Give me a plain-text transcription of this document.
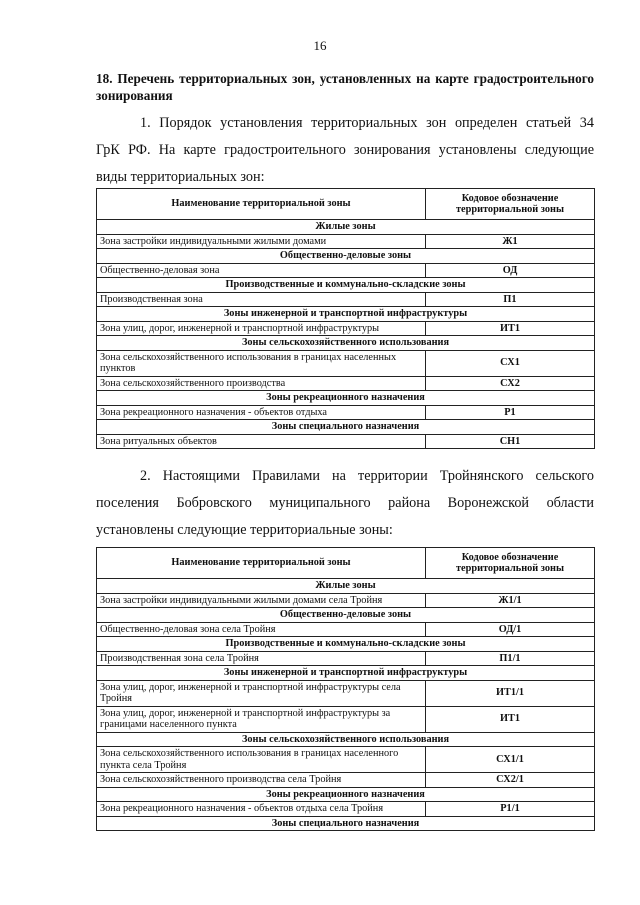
16
18. Перечень территориальных зон, установленных на карте градостроительного зонирования
1. Порядок установления территориальных зон определен статьей 34
ГрК РФ. На карте градостроительного зонирования установлены следующие
виды территориальных зон:
Наименование территориальной зоны	Кодовое обозначение территориальной зоны
Жилые зоны	
Зона застройки индивидуальными жилыми домами	Ж1
Общественно-деловые зоны	
Общественно-деловая зона	ОД
Производственные и коммунально-складские зоны	
Производственная зона	П1
Зоны инженерной и транспортной инфраструктуры	
Зона улиц, дорог, инженерной и транспортной инфраструктуры	ИТ1
Зоны сельскохозяйственного использования	
Зона сельскохозяйственного использования в границах населенных пунктов	СХ1
Зона сельскохозяйственного производства	СХ2
Зоны рекреационного назначения	
Зона рекреационного назначения - объектов отдыха	Р1
Зоны специального назначения	
Зона ритуальных объектов	СН1
2. Настоящими Правилами на территории Тройнянского сельского
поселения Бобровского муниципального района Воронежской области
установлены следующие территориальные зоны:
Наименование территориальной зоны	Кодовое обозначение территориальной зоны
Жилые зоны	
Зона застройки индивидуальными жилыми домами села Тройня	Ж1/1
Общественно-деловые зоны	
Общественно-деловая зона села Тройня	ОД/1
Производственные и коммунально-складские зоны	
Производственная зона села Тройня	П1/1
Зоны инженерной и транспортной инфраструктуры	
Зона улиц, дорог, инженерной и транспортной инфраструктуры села Тройня	ИТ1/1
Зона улиц, дорог, инженерной и транспортной инфраструктуры за границами населенного пункта	ИТ1
Зоны сельскохозяйственного использования	
Зона сельскохозяйственного использования в границах населенного пункта села Тройня	СХ1/1
Зона сельскохозяйственного производства села Тройня	СХ2/1
Зоны рекреационного назначения	
Зона рекреационного назначения - объектов отдыха села Тройня	Р1/1
Зоны специального назначения	
